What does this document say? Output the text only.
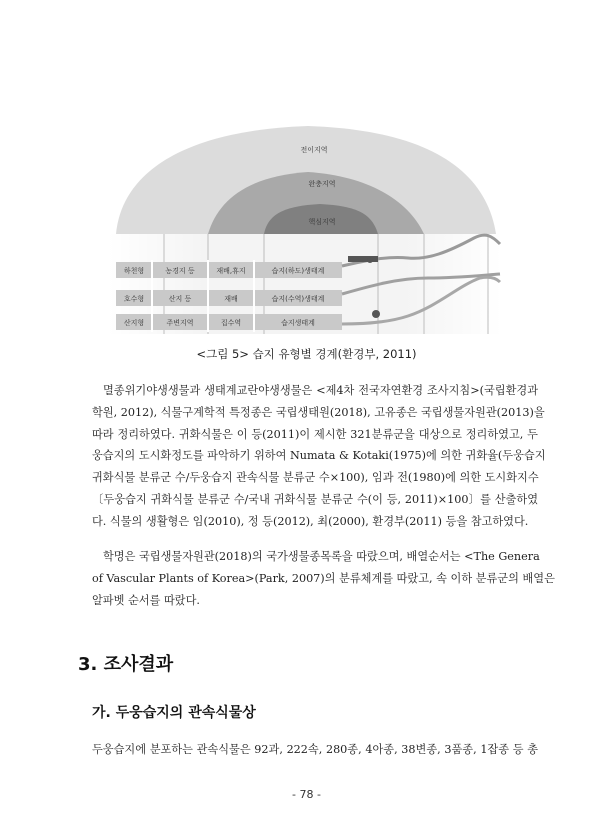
전이지역
완충지역
핵심지역
하천형	농경지 등	재배,휴지	습지(하도)생태계
호수형	산지 등	재배	습지(수역)생태계
산지형	주변지역	집수역	습지생태계
<그림 5> 습지 유형별 경계(환경부, 2011)
멸종위기야생생물과 생태계교란야생생물은 <제4차 전국자연환경 조사지침>(국립환경과
학원, 2012), 식물구계학적 특정종은 국립생태원(2018), 고유종은 국립생물자원관(2013)을
따라 정리하였다. 귀화식물은 이 등(2011)이 제시한 321분류군을 대상으로 정리하였고, 두
웅습지의 도시화정도를 파악하기 위하여 Numata & Kotaki(1975)에 의한 귀화율(두웅습지
귀화식물 분류군 수/두웅습지 관속식물 분류군 수×100), 임과 전(1980)에 의한 도시화지수
〔두웅습지 귀화식물 분류군 수/국내 귀화식물 분류군 수(이 등, 2011)×100〕를 산출하였
다. 식물의 생활형은 임(2010), 정 등(2012), 최(2000), 환경부(2011) 등을 참고하였다.
학명은 국립생물자원관(2018)의 국가생물종목록을 따랐으며, 배열순서는 <The Genera
of Vascular Plants of Korea>(Park, 2007)의 분류체계를 따랐고, 속 이하 분류군의 배열은
알파벳 순서를 따랐다.
3. 조사결과
가. 두웅습지의 관속식물상
두웅습지에 분포하는 관속식물은 92과, 222속, 280종, 4아종, 38변종, 3품종, 1잡종 등 총
- 78 -
